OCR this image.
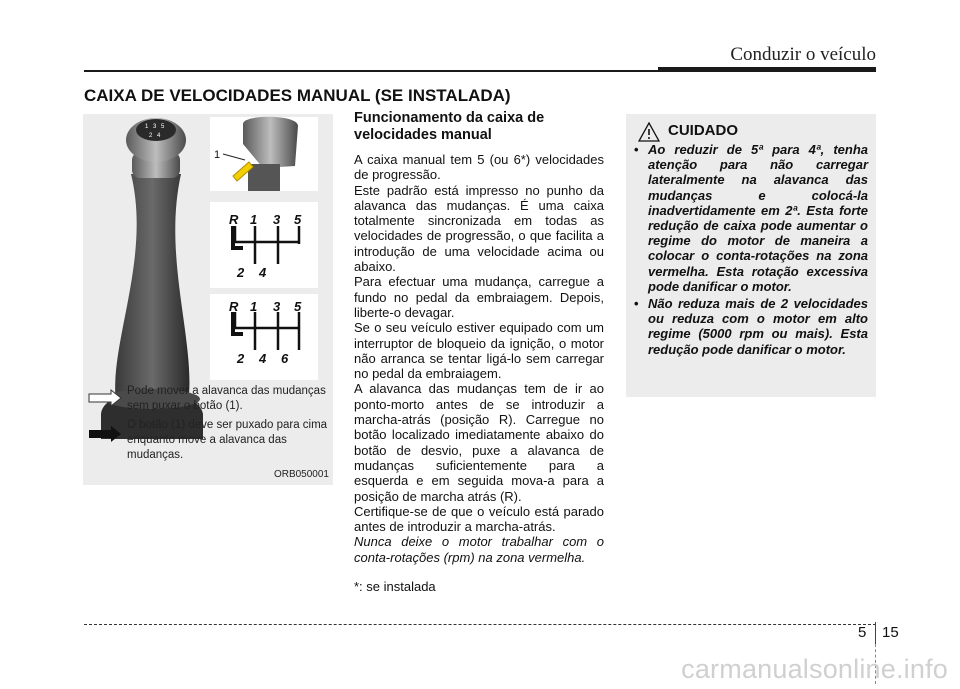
Conduzir o veículo
CAIXA DE VELOCIDADES MANUAL (SE INSTALADA)
1 3 5
2 4
1
R 1 3 5
2 4
R 1 3 5
2 4 6
Pode mover a alavanca das mudanças sem puxar o botão (1).
O botão (1) deve ser puxado para cima enquanto move a alavanca das mudanças.
ORB050001
Funcionamento da caixa de velocidades manual

A caixa manual tem 5 (ou 6*) velocidades de progressão.

Este padrão está impresso no punho da alavanca das mudanças. É uma caixa totalmente sincronizada em todas as velocidades de progressão, o que facilita a introdução de uma velocidade acima ou abaixo.

Para efectuar uma mudança, carregue a fundo no pedal da embraiagem. Depois, liberte-o devagar.

Se o seu veículo estiver equipado com um interruptor de bloqueio da ignição, o motor não arranca se tentar ligá-lo sem carregar no pedal da embraiagem.

A alavanca das mudanças tem de ir ao ponto-morto antes de se introduzir a marcha-atrás (posição R). Carregue no botão localizado imediatamente abaixo do botão de desvio, puxe a alavanca de mudanças suficientemente para a esquerda e em seguida mova-a para a posição de marcha atrás (R).

Certifique-se de que o veículo está parado antes de introduzir a marcha-atrás.

Nunca deixe o motor trabalhar com o conta-rotações (rpm) na zona vermelha.

*: se instalada

CUIDADO
• Ao reduzir de 5ª para 4ª, tenha atenção para não carregar lateralmente na alavanca das mudanças e colocá-la inadvertidamente em 2ª. Esta forte redução de caixa pode aumentar o regime do motor de maneira a colocar o conta-rotações na zona vermelha. Esta rotação excessiva pode danificar o motor.
• Não reduza mais de 2 velocidades ou reduza com o motor em alto regime (5000 rpm ou mais). Esta redução pode danificar o motor.
5 15
carmanualsonline.info
